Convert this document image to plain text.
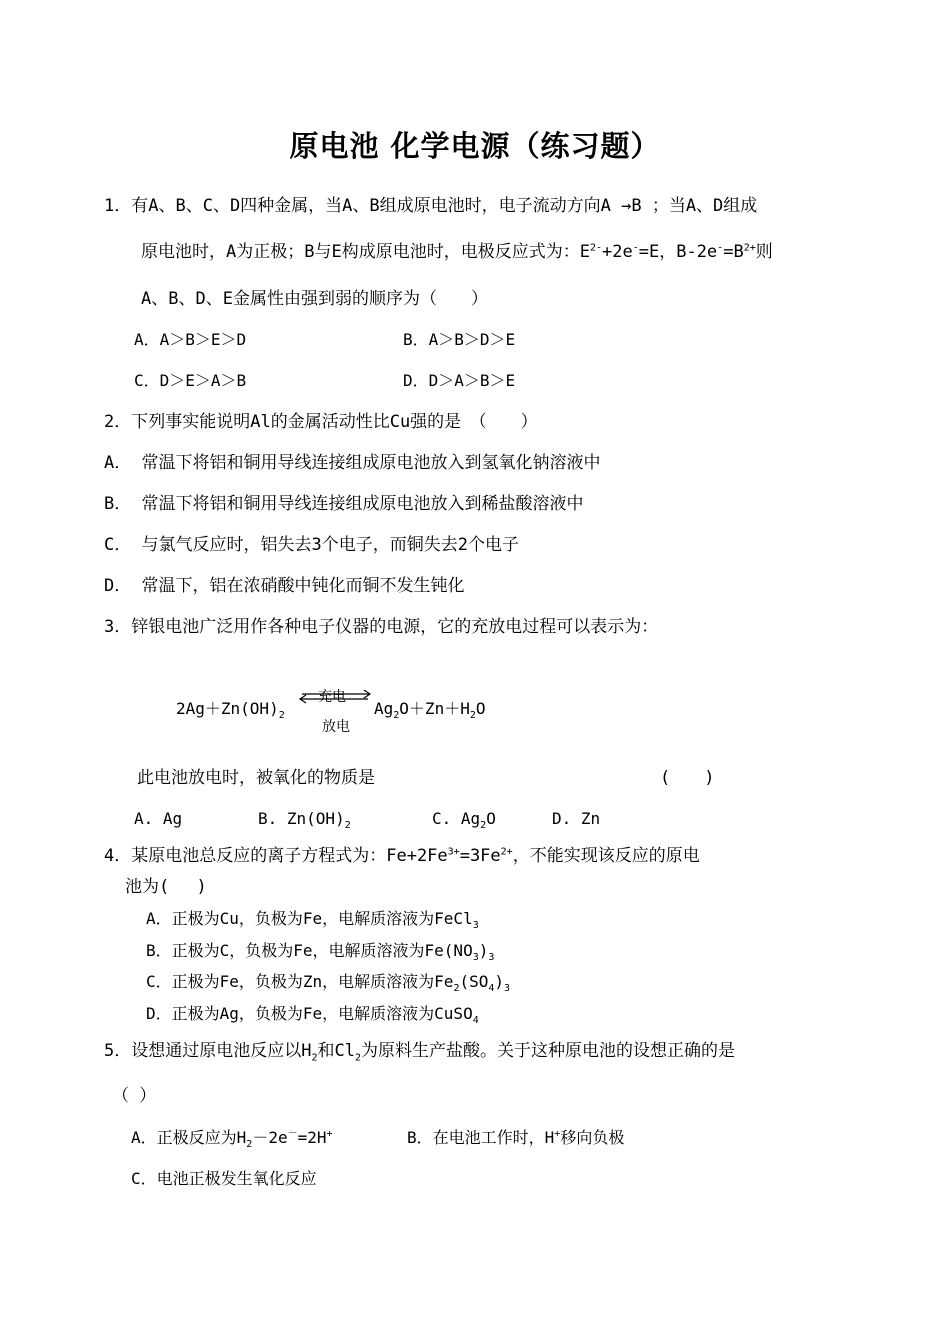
原电池 化学电源（练习题）
1．有A、B、C、D四种金属，当A、B组成原电池时，电子流动方向A →B ；当A、D组成
原电池时，A为正极；B与E构成原电池时，电极反应式为：$E^{2-}+2e^-=E$，$B-2e^-=B^{2+}$则
A、B、D、E金属性由强到弱的顺序为（　　）
A．A＞B＞E＞D	B．A＞B＞D＞E
C．D＞E＞A＞B	D．D＞A＞B＞E
2．下列事实能说明Al的金属活动性比Cu强的是　（　　）
A． 常温下将铝和铜用导线连接组成原电池放入到氢氧化钠溶液中
B． 常温下将铝和铜用导线连接组成原电池放入到稀盐酸溶液中
C． 与氯气反应时，铝失去3个电子，而铜失去2个电子
D． 常温下，铝在浓硝酸中钝化而铜不发生钝化
3．锌银电池广泛用作各种电子仪器的电源，它的充放电过程可以表示为：
$2Ag+Zn(OH)_2$
充电
放电
$Ag_2O+Zn+H_2O$
此电池放电时，被氧化的物质是	(　　)
A. Ag	B. $Zn(OH)_2$	C. $Ag_2O$	D. Zn
4．某原电池总反应的离子方程式为：$Fe+2Fe^{3+}=3Fe^{2+}$，不能实现该反应的原电
池为(　 )
A．正极为Cu，负极为Fe，电解质溶液为FeCl$_3$
B．正极为C，负极为Fe，电解质溶液为$Fe(NO_3)_3$
C．正极为Fe，负极为Zn，电解质溶液为$Fe_2(SO_4)_3$
D．正极为Ag，负极为Fe，电解质溶液为CuSO$_4$
5．设想通过原电池反应以$H_2$和$Cl_2$为原料生产盐酸。关于这种原电池的设想正确的是
（ ）
A．正极反应为$H_2-2e^-=2H^+$	B．在电池工作时，H+移向负极
C．电池正极发生氧化反应
